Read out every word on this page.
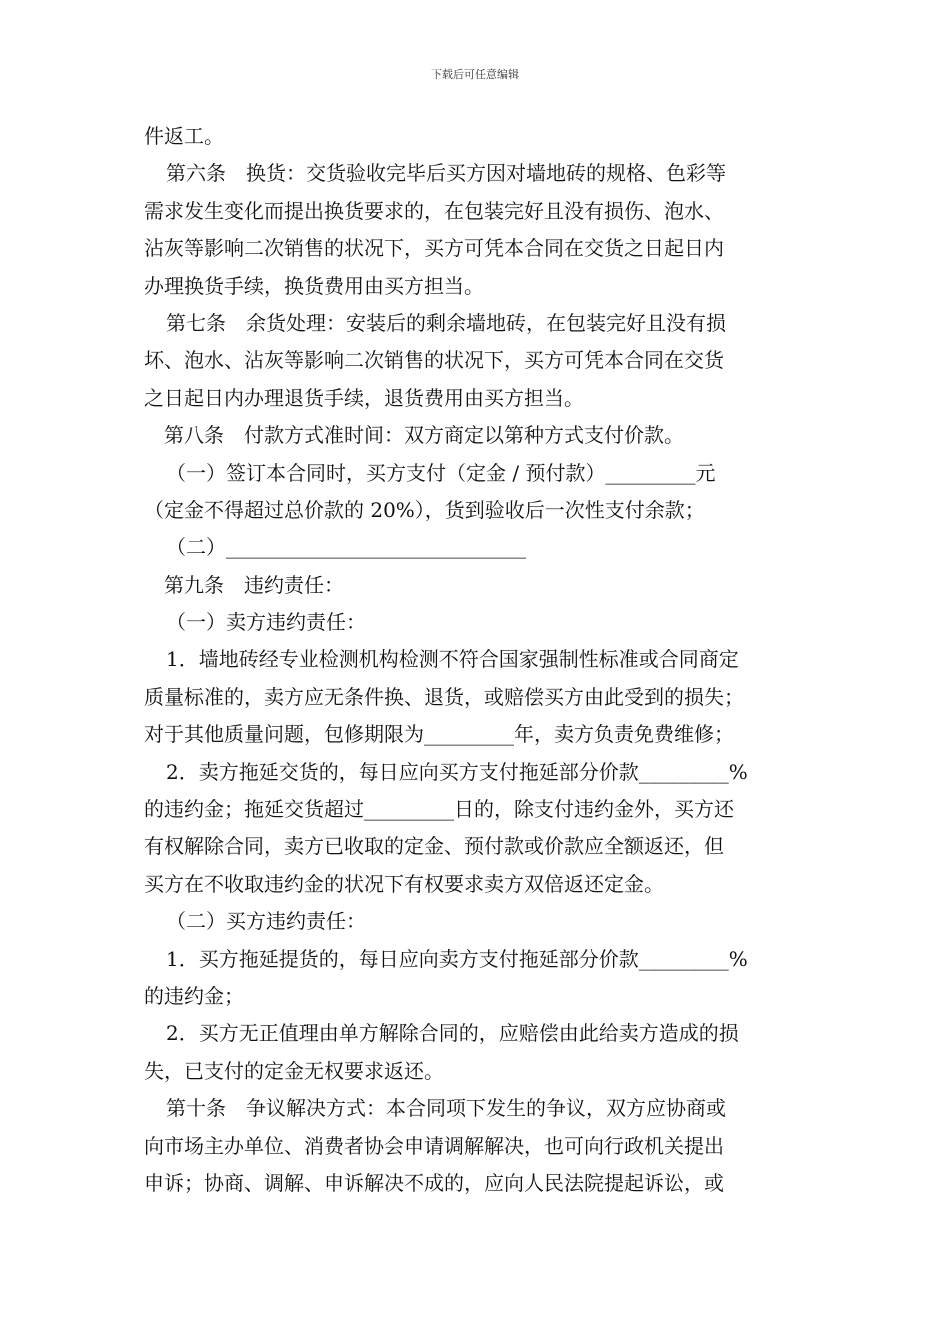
下载后可任意编辑
件返工。
第六条　换货：交货验收完毕后买方因对墙地砖的规格、色彩等
需求发生变化而提出换货要求的，在包装完好且没有损伤、泡水、
沾灰等影响二次销售的状况下，买方可凭本合同在交货之日起日内
办理换货手续，换货费用由买方担当。
第七条　余货处理：安装后的剩余墙地砖，在包装完好且没有损
坏、泡水、沾灰等影响二次销售的状况下，买方可凭本合同在交货
之日起日内办理退货手续，退货费用由买方担当。
第八条　付款方式准时间：双方商定以第种方式支付价款。
（一）签订本合同时，买方支付（定金 / 预付款）_________元
（定金不得超过总价款的 20%），货到验收后一次性支付余款；
（二）______________________________
第九条　违约责任：
（一）卖方违约责任：
1．墙地砖经专业检测机构检测不符合国家强制性标准或合同商定
质量标准的，卖方应无条件换、退货，或赔偿买方由此受到的损失；
对于其他质量问题，包修期限为_________年，卖方负责免费维修；
2．卖方拖延交货的，每日应向买方支付拖延部分价款_________%
的违约金；拖延交货超过_________日的，除支付违约金外，买方还
有权解除合同，卖方已收取的定金、预付款或价款应全额返还，但
买方在不收取违约金的状况下有权要求卖方双倍返还定金。
（二）买方违约责任：
1．买方拖延提货的，每日应向卖方支付拖延部分价款_________%
的违约金；
2．买方无正值理由单方解除合同的，应赔偿由此给卖方造成的损
失，已支付的定金无权要求返还。
第十条　争议解决方式：本合同项下发生的争议，双方应协商或
向市场主办单位、消费者协会申请调解解决，也可向行政机关提出
申诉；协商、调解、申诉解决不成的，应向人民法院提起诉讼，或
